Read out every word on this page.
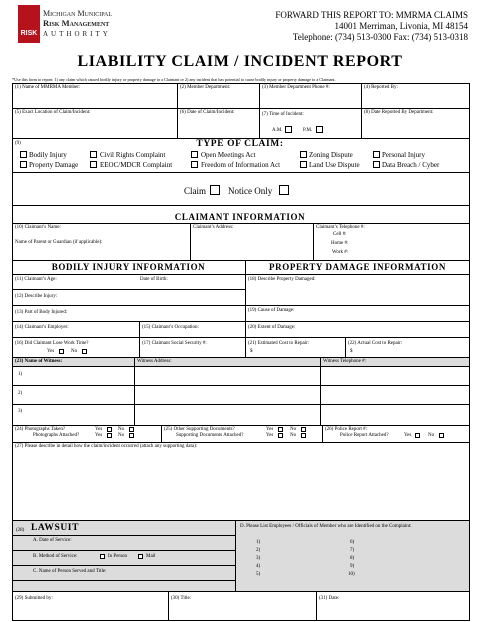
RISK
Michigan Municipal
Risk Management
AUTHORITY
FORWARD THIS REPORT TO: MMRMA CLAIMS
14001 Merriman, Livonia, MI 48154
Telephone: (734) 513-0300 Fax: (734) 513-0318
LIABILITY CLAIM / INCIDENT REPORT
*Use this form to report: 1) any claim which caused bodily injury or property damage to a Claimant or 2) any incident that has potential to cause bodily injury or property damage to a Claimant.
(1) Name of MMRMA Member:	(2) Member Department:	(3) Member Department Phone #:	(4) Reported By:
(5) Exact Location of Claim/Incident:	(6) Date of Claim/Incident:	(7) Time of Incident:
A.M.	P.M.
(8) Date Reported By Department:
(9)	TYPE OF CLAIM:
Bodily Injury	Civil Rights Complaint	Open Meetings Act	Zoning Dispute	Personal Injury
Property Damage	EEOC/MDCR Complaint	Freedom of Information Act	Land Use Dispute	Data Breach / Cyber
Claim Notice Only
CLAIMANT INFORMATION
(10) Claimant’s Name:
Name of Parent or Guardian (if applicable):
Claimant’s Address:	Claimant’s Telephone #:
Cell #:
Home #:
Work #:
BODILY INJURY INFORMATION	PROPERTY DAMAGE INFORMATION
(11) Claimant’s Age:	Date of Birth:
(12) Describe Injury:
(13) Part of Body Injured:
(14) Claimant’s Employer:	(15) Claimant’s Occupation:
(16) Did Claimant Lose Work Time?
Yes	No
(17) Claimant Social Security #:
(18) Describe Property Damaged:
(19) Cause of Damage:
(20) Extent of Damage:
(21) Estimated Cost to Repair:
$
(22) Actual Cost to Repair:
$
(23) Name of Witness:	Witness Address:	Witness Telephone #:
1)
2)
3)
(24) Photographs Taken?	Yes	No
Photographs Attached?	Yes	No
(25) Other Supporting Documents?	Yes	No
Supporting Documents Attached?	Yes	No
(26) Police Report #:
Police Report Attached?	Yes	No
(27) Please describe in detail how the claim/incident occurred (attach any supporting data):
(28) LAWSUIT
A. Date of Service:
B. Method of Service:	In Person	Mail
C. Name of Person Served and Title:
D. Please List Employees / Officials of Member who are Identified on the Complaint:
1)
2)
3)
4)
5)
6)
7)
8)
9)
10)
(29) Submitted by:	(30) Title:	(31) Date:
